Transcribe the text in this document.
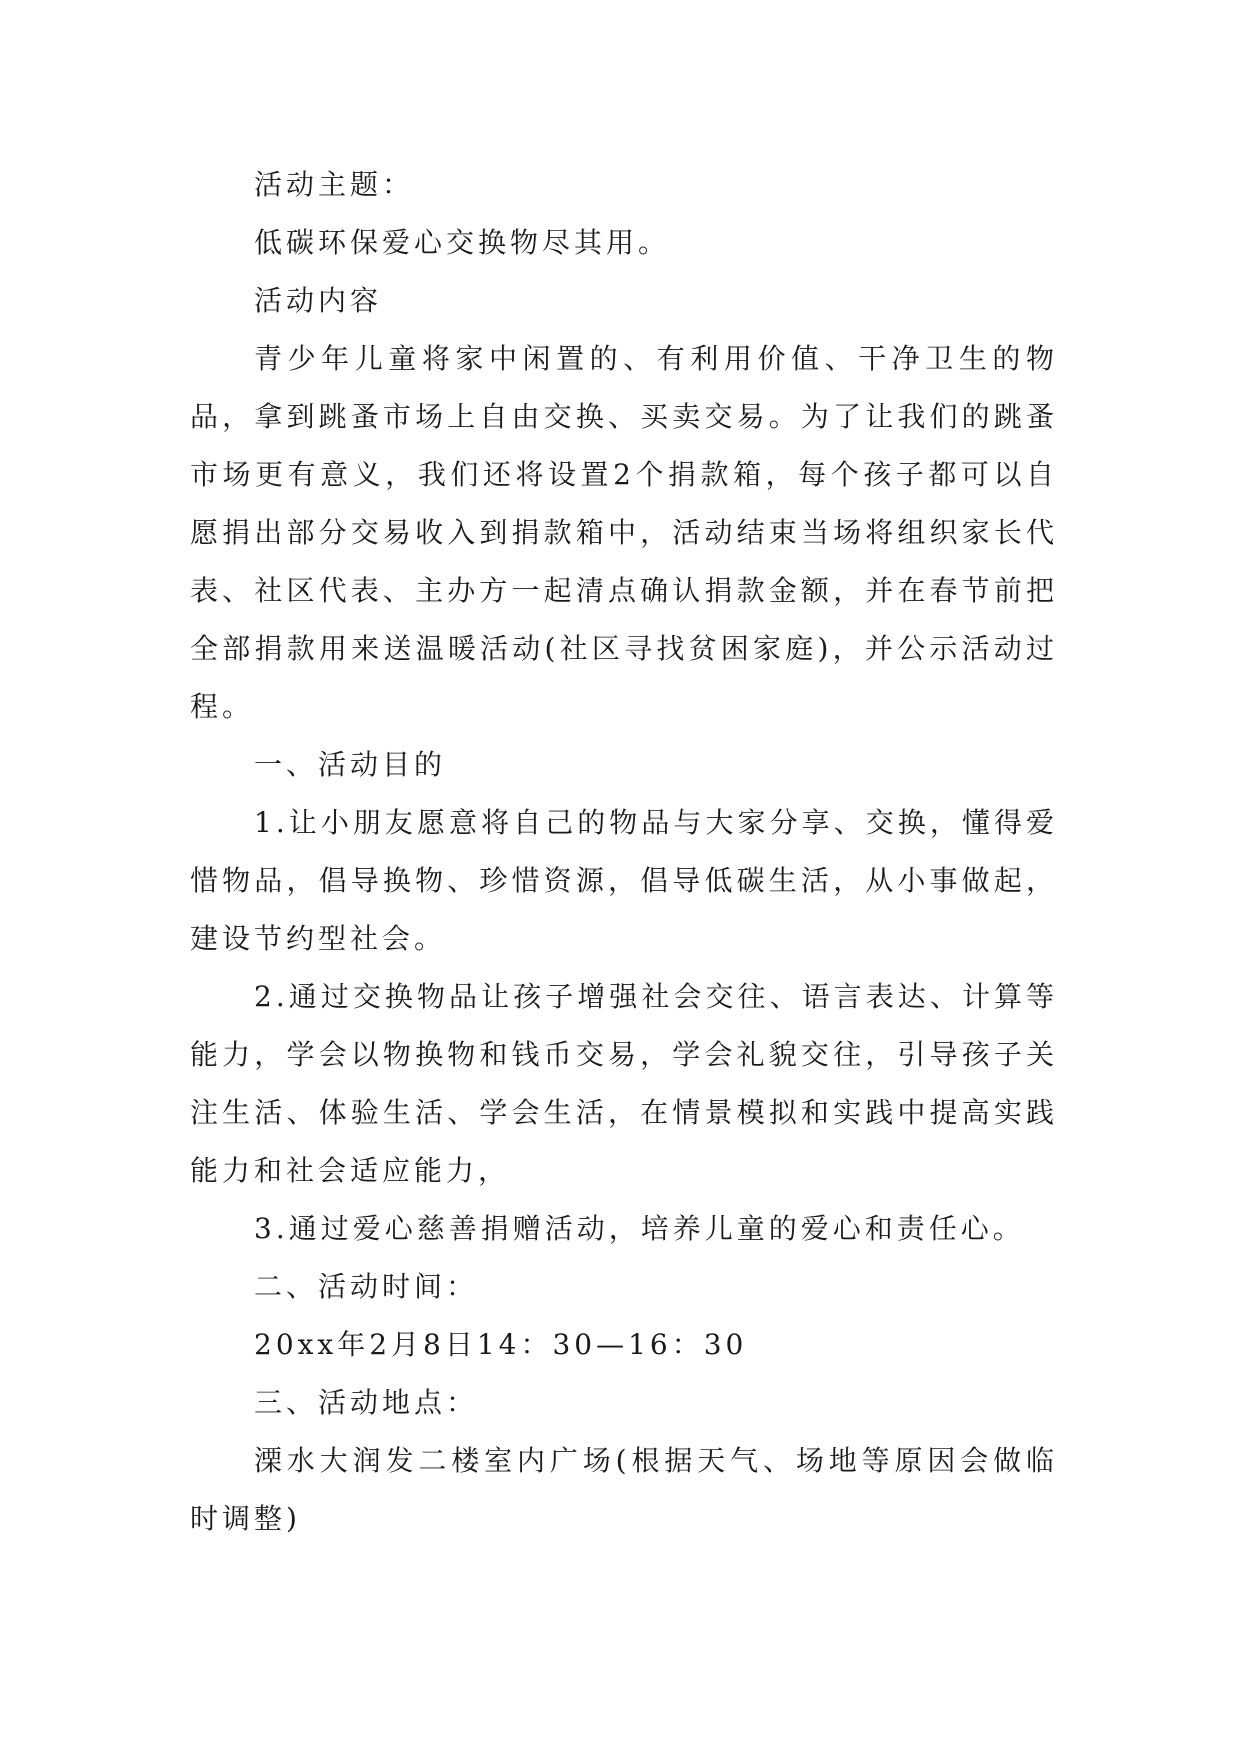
活动主题：

低碳环保爱心交换物尽其用。

活动内容

青少年儿童将家中闲置的、有利用价值、干净卫生的物品，拿到跳蚤市场上自由交换、买卖交易。为了让我们的跳蚤市场更有意义，我们还将设置2个捐款箱，每个孩子都可以自愿捐出部分交易收入到捐款箱中，活动结束当场将组织家长代表、社区代表、主办方一起清点确认捐款金额，并在春节前把全部捐款用来送温暖活动(社区寻找贫困家庭)，并公示活动过程。

一、活动目的

1.让小朋友愿意将自己的物品与大家分享、交换，懂得爱惜物品，倡导换物、珍惜资源，倡导低碳生活，从小事做起，建设节约型社会。

2.通过交换物品让孩子增强社会交往、语言表达、计算等能力，学会以物换物和钱币交易，学会礼貌交往，引导孩子关注生活、体验生活、学会生活，在情景模拟和实践中提高实践能力和社会适应能力，

3.通过爱心慈善捐赠活动，培养儿童的爱心和责任心。

二、活动时间：

20xx年2月8日14：30—16：30

三、活动地点：

溧水大润发二楼室内广场(根据天气、场地等原因会做临时调整)
